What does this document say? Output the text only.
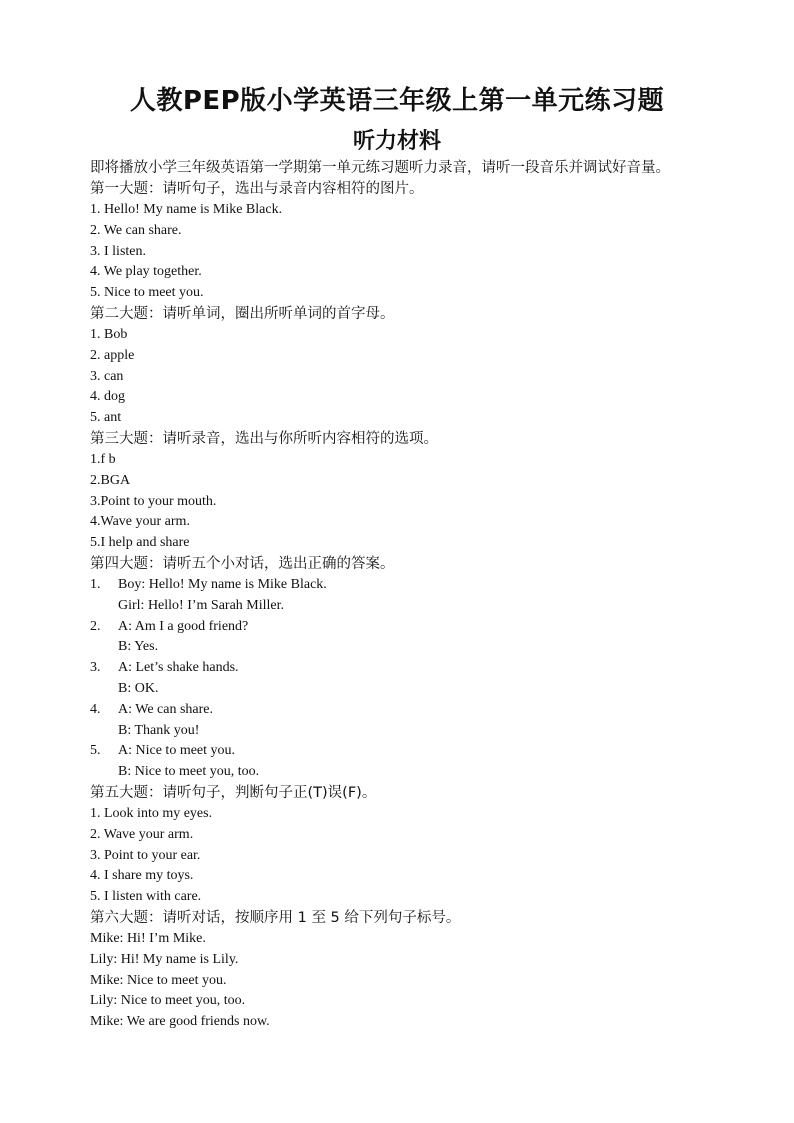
人教PEP版小学英语三年级上第一单元练习题
听力材料

即将播放小学三年级英语第一学期第一单元练习题听力录音，请听一段音乐并调试好音量。

第一大题：请听句子，选出与录音内容相符的图片。

1. Hello! My name is Mike Black.

2. We can share.

3. I listen.

4. We play together.

5. Nice to meet you.

第二大题：请听单词，圈出所听单词的首字母。

1. Bob

2. apple

3. can

4. dog

5. ant

第三大题：请听录音，选出与你所听内容相符的选项。

1.f b

2.BGA

3.Point to your mouth.

4.Wave your arm.

5.I help and share

第四大题：请听五个小对话，选出正确的答案。

1. Boy: Hello! My name is Mike Black.

Girl: Hello! I’m Sarah Miller.

2. A: Am I a good friend?

B: Yes.

3. A: Let’s shake hands.

B: OK.

4. A: We can share.

B: Thank you!

5. A: Nice to meet you.

B: Nice to meet you, too.

第五大题：请听句子，判断句子正(T)误(F)。

1. Look into my eyes.

2. Wave your arm.

3. Point to your ear.

4. I share my toys.

5. I listen with care.

第六大题：请听对话，按顺序用 1 至 5 给下列句子标号。

Mike: Hi! I’m Mike.

Lily: Hi! My name is Lily.

Mike: Nice to meet you.

Lily: Nice to meet you, too.

Mike: We are good friends now.
